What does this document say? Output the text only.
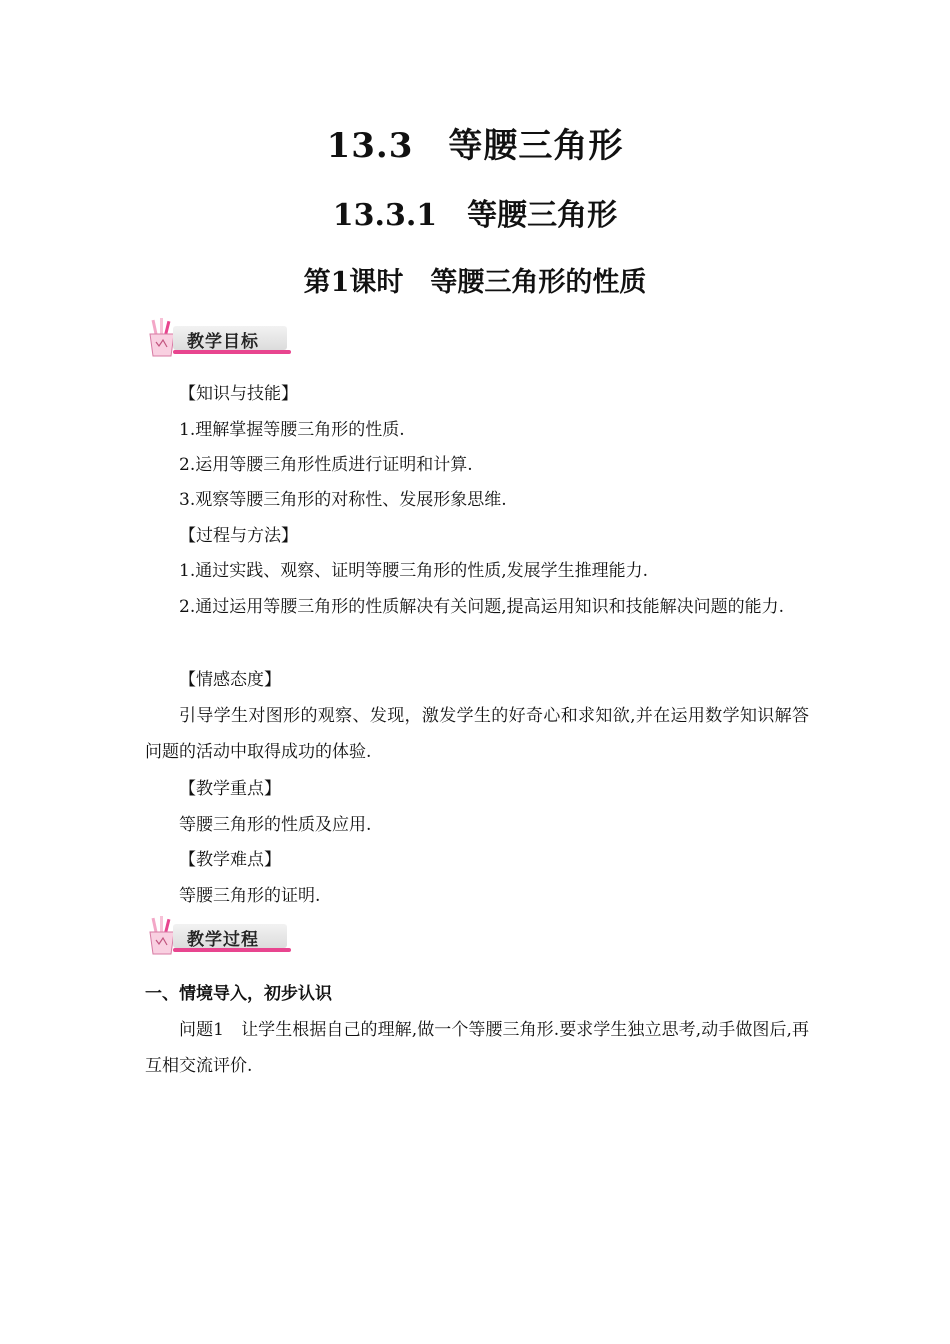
13.3　等腰三角形
13.3.1　等腰三角形
第1课时　等腰三角形的性质
教学目标
【知识与技能】
1.理解掌握等腰三角形的性质.
2.运用等腰三角形性质进行证明和计算.
3.观察等腰三角形的对称性、发展形象思维.
【过程与方法】
1.通过实践、观察、证明等腰三角形的性质,发展学生推理能力.
2.通过运用等腰三角形的性质解决有关问题,提高运用知识和技能解决问题的能力.
【情感态度】
引导学生对图形的观察、发现，激发学生的好奇心和求知欲,并在运用数学知识解答问题的活动中取得成功的体验.
【教学重点】
等腰三角形的性质及应用.
【教学难点】
等腰三角形的证明.
教学过程
一、情境导入，初步认识
问题1　让学生根据自己的理解,做一个等腰三角形.要求学生独立思考,动手做图后,再互相交流评价.
